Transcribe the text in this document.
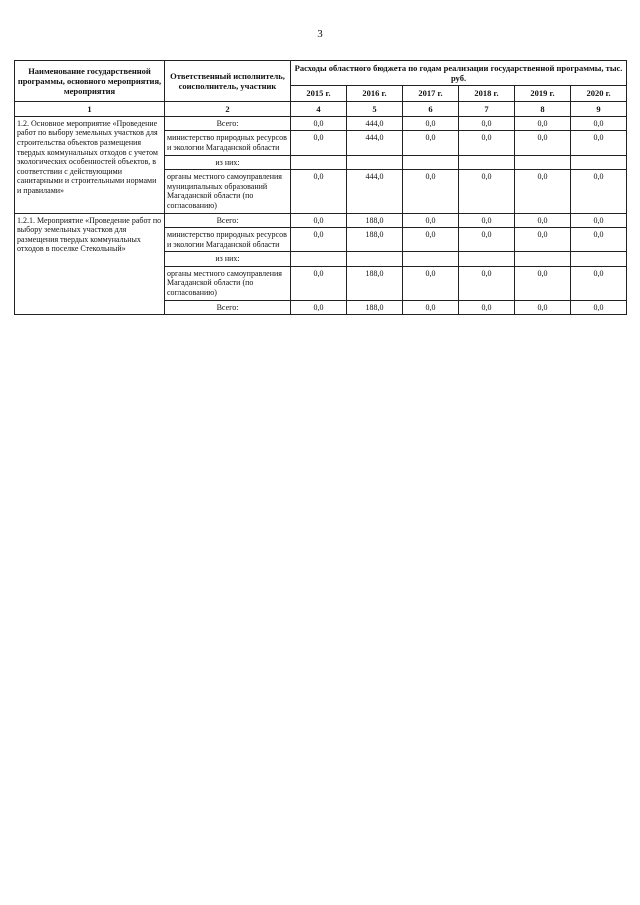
3
Наименование государственной программы, основного мероприятия, мероприятия	Ответственный исполнитель, соисполнитель, участник	Расходы областного бюджета по годам реализации государственной программы, тыс. руб.					
		2015 г.	2016 г.	2017 г.	2018 г.	2019 г.	2020 г.
1	2	4	5	6	7	8	9
1.2. Основное мероприятие «Проведение работ по выбору земельных участков для строительства объектов размещения твердых коммунальных отходов с учетом экологических особенностей объектов, в соответствии с действующими санитарными и строительными нормами и правилами»	Всего:	0,0	444,0	0,0	0,0	0,0	0,0
	министерство природных ресурсов и экологии Магаданской области	0,0	444,0	0,0	0,0	0,0	0,0
	из них:						
	органы местного самоуправления муниципальных образований Магаданской области (по согласованию)	0,0	444,0	0,0	0,0	0,0	0,0
1.2.1. Мероприятие «Проведение работ по выбору земельных участков для размещения твердых коммунальных отходов в поселке Стекольный»	Всего:	0,0	188,0	0,0	0,0	0,0	0,0
	министерство природных ресурсов и экологии Магаданской области	0,0	188,0	0,0	0,0	0,0	0,0
	из них:						
	органы местного самоуправления Магаданской области (по согласованию)	0,0	188,0	0,0	0,0	0,0	0,0
	Всего:	0,0	188,0	0,0	0,0	0,0	0,0
